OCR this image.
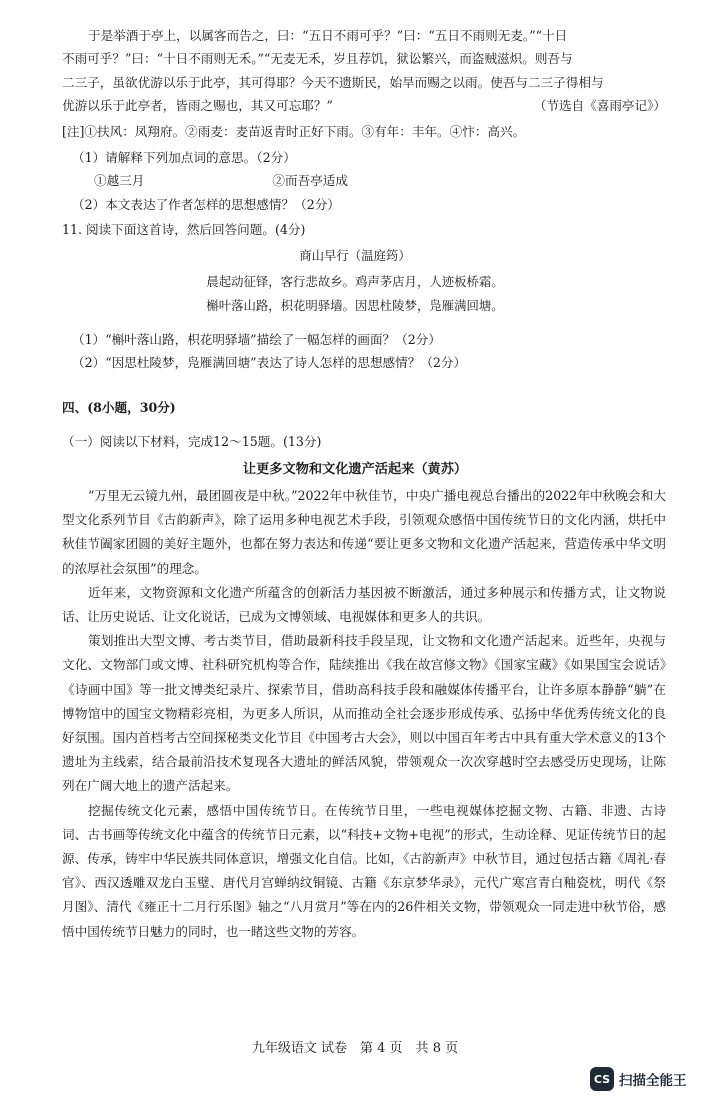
于是举酒于亭上，以属客而告之，曰：“五日不雨可乎？”曰：“五日不雨则无麦。”“十日
不雨可乎？”曰：“十日不雨则无禾。”“无麦无禾，岁且荐饥，狱讼繁兴，而盗贼滋炽。则吾与
二三子，虽欲优游以乐于此亭，其可得耶？今天不遗斯民，始旱而赐之以雨。使吾与二三子得相与
优游以乐于此亭者，皆雨之赐也，其又可忘耶？”	（节选自《喜雨亭记》）
[注]①扶风：凤翔府。②雨麦：麦苗返青时正好下雨。③有年：丰年。④忭：高兴。
（1）请解释下列加点词的意思。（2分）
①越三月	②而吾亭适成
（2）本文表达了作者怎样的思想感情？（2分）
11. 阅读下面这首诗，然后回答问题。(4分)
商山早行（温庭筠）
晨起动征铎，客行悲故乡。鸡声茅店月，人迹板桥霜。
槲叶落山路，枳花明驿墙。因思杜陵梦，凫雁满回塘。
（1）“槲叶落山路，枳花明驿墙”描绘了一幅怎样的画面？（2分）
（2）“因思杜陵梦，凫雁满回塘”表达了诗人怎样的思想感情？（2分）
四、(8小题，30分)
（一）阅读以下材料，完成12～15题。(13分)
让更多文物和文化遗产活起来（黄苏）

“万里无云镜九州，最团圆夜是中秋。”2022年中秋佳节，中央广播电视总台播出的2022年中秋晚会和大型文化系列节目《古韵新声》，除了运用多种电视艺术手段，引领观众感悟中国传统节日的文化内涵，烘托中秋佳节阖家团圆的美好主题外，也都在努力表达和传递“要让更多文物和文化遗产活起来，营造传承中华文明的浓厚社会氛围”的理念。

近年来，文物资源和文化遗产所蕴含的创新活力基因被不断激活，通过多种展示和传播方式，让文物说话、让历史说话、让文化说话，已成为文博领域、电视媒体和更多人的共识。

策划推出大型文博、考古类节目，借助最新科技手段呈现，让文物和文化遗产活起来。近些年，央视与文化、文物部门或文博、社科研究机构等合作，陆续推出《我在故宫修文物》《国家宝藏》《如果国宝会说话》《诗画中国》等一批文博类纪录片、探索节目，借助高科技手段和融媒体传播平台，让许多原本静静“躺”在博物馆中的国宝文物精彩亮相，为更多人所识，从而推动全社会逐步形成传承、弘扬中华优秀传统文化的良好氛围。国内首档考古空间探秘类文化节目《中国考古大会》，则以中国百年考古中具有重大学术意义的13个遗址为主线索，结合最前沿技术复现各大遗址的鲜活风貌，带领观众一次次穿越时空去感受历史现场，让陈列在广阔大地上的遗产活起来。

挖掘传统文化元素，感悟中国传统节日。在传统节日里，一些电视媒体挖掘文物、古籍、非遗、古诗词、古书画等传统文化中蕴含的传统节日元素，以“科技+文物+电视”的形式，生动诠释、见证传统节日的起源、传承，铸牢中华民族共同体意识，增强文化自信。比如，《古韵新声》中秋节目，通过包括古籍《周礼·春官》、西汉透雕双龙白玉璧、唐代月宫蝉纳纹铜镜、古籍《东京梦华录》，元代广寒宫青白釉瓷枕，明代《祭月图》、清代《雍正十二月行乐图》轴之“八月赏月”等在内的26件相关文物，带领观众一同走进中秋节俗，感悟中国传统节日魅力的同时，也一睹这些文物的芳容。

九年级语文 试卷　第 4 页　共 8 页
CS 扫描全能王
